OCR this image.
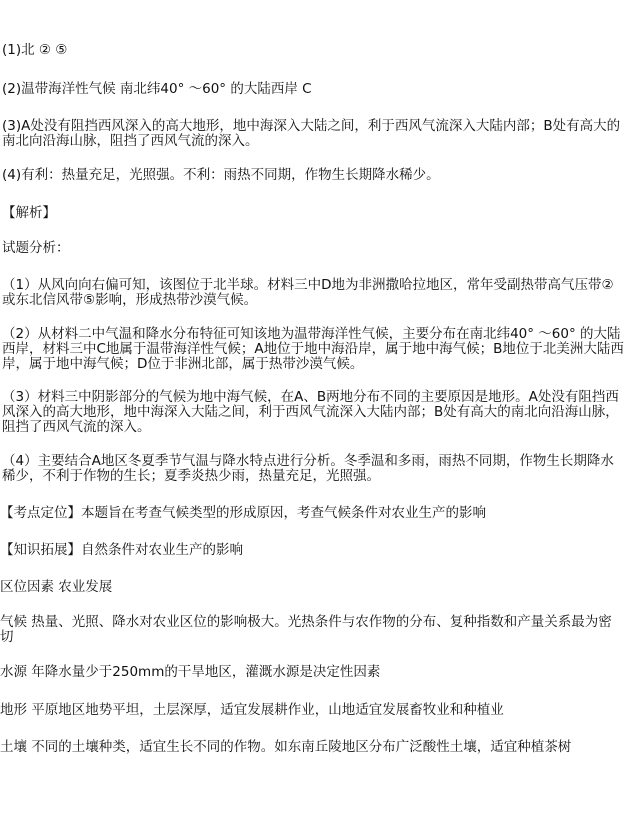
(1)北 ② ⑤

(2)温带海洋性气候 南北纬40° ～60° 的大陆西岸 C

(3)A处没有阻挡西风深入的高大地形，地中海深入大陆之间，利于西风气流深入大陆内部；B处有高大的南北向沿海山脉，阻挡了西风气流的深入。

(4)有利：热量充足，光照强。不利：雨热不同期，作物生长期降水稀少。

【解析】

试题分析：

（1）从风向向右偏可知，该图位于北半球。材料三中D地为非洲撒哈拉地区，常年受副热带高气压带②或东北信风带⑤影响，形成热带沙漠气候。

（2）从材料二中气温和降水分布特征可知该地为温带海洋性气候，主要分布在南北纬40° ～60° 的大陆西岸，材料三中C地属于温带海洋性气候；A地位于地中海沿岸，属于地中海气候；B地位于北美洲大陆西岸，属于地中海气候；D位于非洲北部，属于热带沙漠气候。

（3）材料三中阴影部分的气候为地中海气候，在A、B两地分布不同的主要原因是地形。A处没有阻挡西风深入的高大地形，地中海深入大陆之间，利于西风气流深入大陆内部；B处有高大的南北向沿海山脉，阻挡了西风气流的深入。

（4）主要结合A地区冬夏季节气温与降水特点进行分析。冬季温和多雨，雨热不同期，作物生长期降水稀少，不利于作物的生长；夏季炎热少雨，热量充足，光照强。

【考点定位】本题旨在考查气候类型的形成原因，考查气候条件对农业生产的影响

【知识拓展】自然条件对农业生产的影响

区位因素 农业发展

气候 热量、光照、降水对农业区位的影响极大。光热条件与农作物的分布、复种指数和产量关系最为密切

水源 年降水量少于250mm的干旱地区，灌溉水源是决定性因素

地形 平原地区地势平坦，土层深厚，适宜发展耕作业，山地适宜发展畜牧业和种植业

土壤 不同的土壤种类，适宜生长不同的作物。如东南丘陵地区分布广泛酸性土壤，适宜种植茶树
